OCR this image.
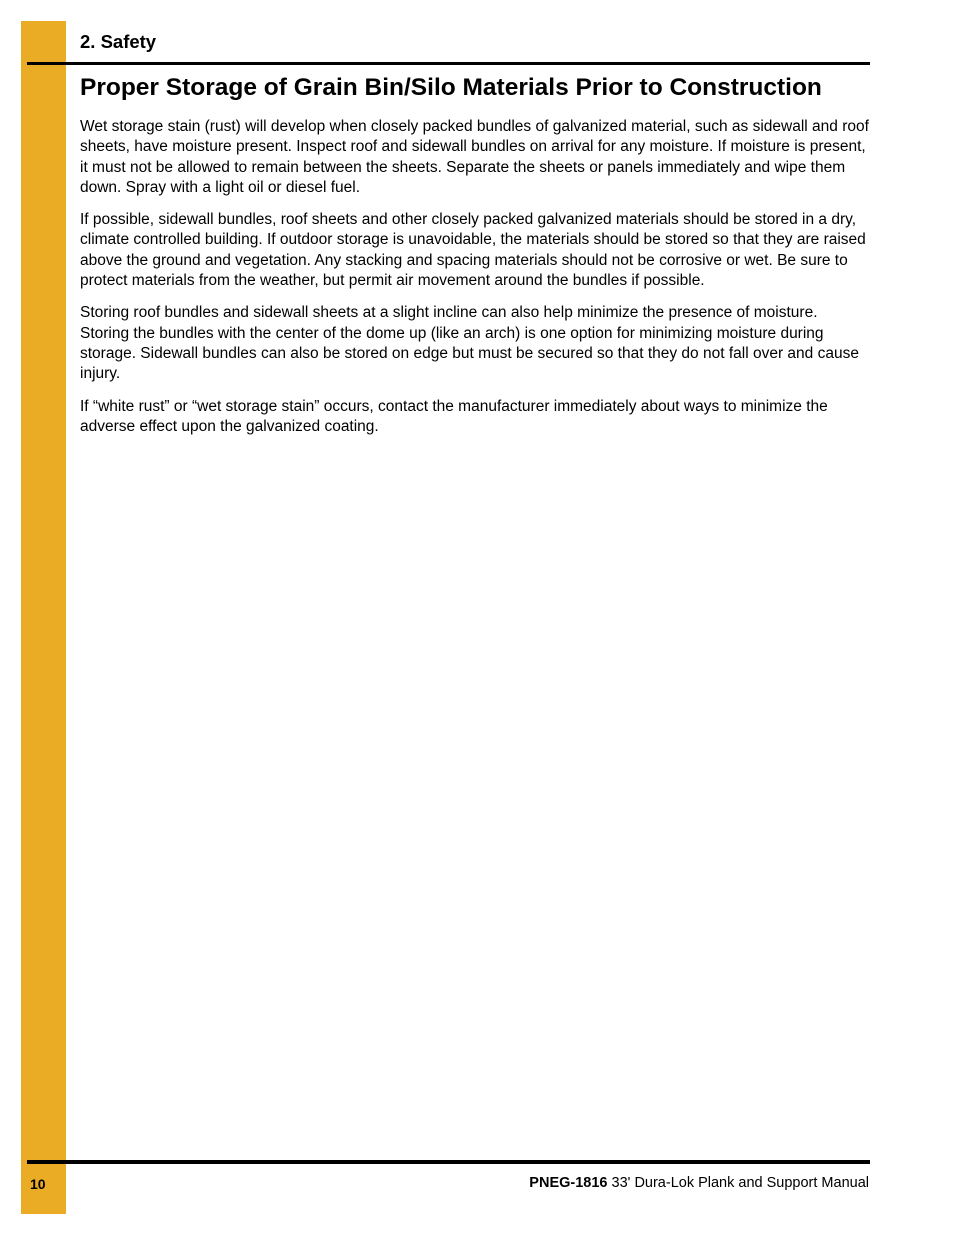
2. Safety
Proper Storage of Grain Bin/Silo Materials Prior to Construction

Wet storage stain (rust) will develop when closely packed bundles of galvanized material, such as sidewall and roof sheets, have moisture present. Inspect roof and sidewall bundles on arrival for any moisture. If moisture is present, it must not be allowed to remain between the sheets. Separate the sheets or panels immediately and wipe them down. Spray with a light oil or diesel fuel.

If possible, sidewall bundles, roof sheets and other closely packed galvanized materials should be stored in a dry, climate controlled building. If outdoor storage is unavoidable, the materials should be stored so that they are raised above the ground and vegetation. Any stacking and spacing materials should not be corrosive or wet. Be sure to protect materials from the weather, but permit air movement around the bundles if possible.

Storing roof bundles and sidewall sheets at a slight incline can also help minimize the presence of moisture. Storing the bundles with the center of the dome up (like an arch) is one option for minimizing moisture during storage. Sidewall bundles can also be stored on edge but must be secured so that they do not fall over and cause injury.

If “white rust” or “wet storage stain” occurs, contact the manufacturer immediately about ways to minimize the adverse effect upon the galvanized coating.

10	PNEG-1816 33' Dura-Lok Plank and Support Manual
